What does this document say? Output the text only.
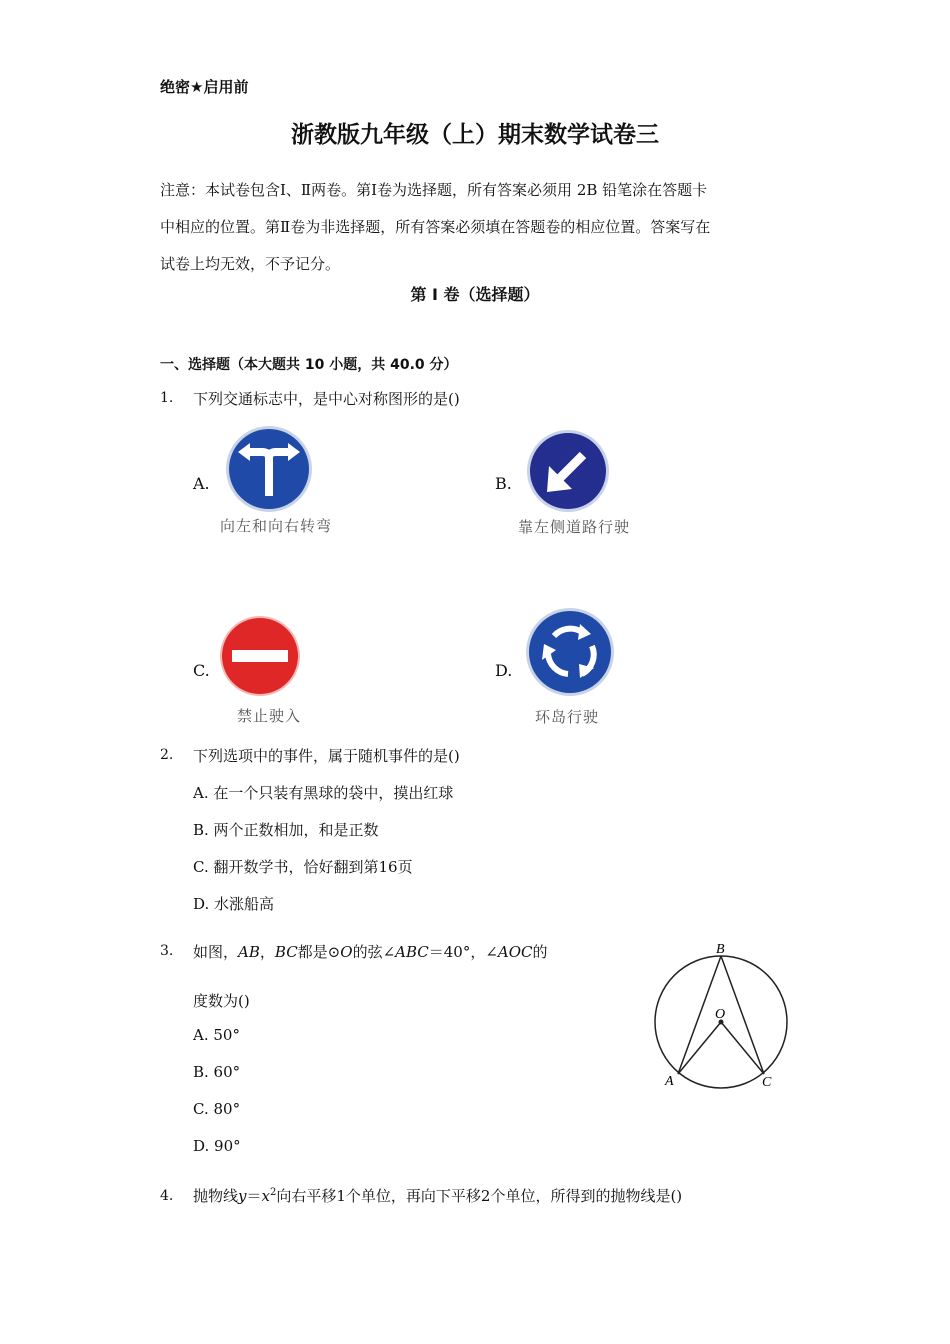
绝密★启用前
浙教版九年级（上）期末数学试卷三
注意：本试卷包含Ⅰ、Ⅱ两卷。第Ⅰ卷为选择题，所有答案必须用 2B 铅笔涂在答题卡
中相应的位置。第Ⅱ卷为非选择题，所有答案必须填在答题卷的相应位置。答案写在
试卷上均无效，不予记分。
第 I 卷（选择题）
一、选择题（本大题共 10 小题，共 40.0 分）
1. 下列交通标志中，是中心对称图形的是()
A.
向左和向右转弯
B.
靠左侧道路行驶
C.
禁止驶入
D.
环岛行驶
2. 下列选项中的事件，属于随机事件的是()
A. 在一个只装有黑球的袋中，摸出红球
B. 两个正数相加，和是正数
C. 翻开数学书，恰好翻到第16页
D. 水涨船高
3. 如图，AB，BC都是⊙O的弦∠ABC＝40°，∠AOC的
度数为()
A. 50°
B. 60°
C. 80°
D. 90°
B
O
A	C
4. 抛物线$y=x^2$向右平移1个单位，再向下平移2个单位，所得到的抛物线是()
